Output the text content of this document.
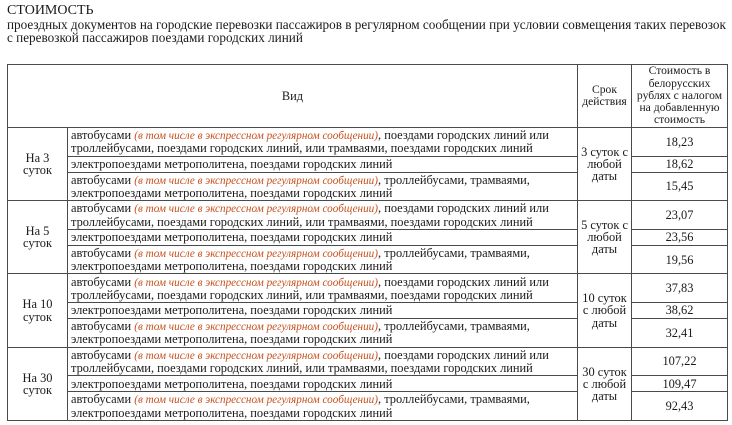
СТОИМОСТЬ
проездных документов на городские перевозки пассажиров в регулярном сообщении при условии совмещения таких перевозок с перевозкой пассажиров поездами городских линий
Вид		Срок действия	Стоимость в белорусских рублях с налогом на добавленную стоимость
На 3 суток	автобусами (в том числе в экспрессном регулярном сообщении), поездами городских линий или троллейбусами, поездами городских линий, или трамваями, поездами городских линий	3 суток с любой даты	18,23
	электропоездами метрополитена, поездами городских линий		18,62
	автобусами (в том числе в экспрессном регулярном сообщении), троллейбусами, трамваями, электропоездами метрополитена, поездами городских линий		15,45
На 5 суток	автобусами (в том числе в экспрессном регулярном сообщении), поездами городских линий или троллейбусами, поездами городских линий, или трамваями, поездами городских линий	5 суток с любой даты	23,07
	электропоездами метрополитена, поездами городских линий		23,56
	автобусами (в том числе в экспрессном регулярном сообщении), троллейбусами, трамваями, электропоездами метрополитена, поездами городских линий		19,56
На 10 суток	автобусами (в том числе в экспрессном регулярном сообщении), поездами городских линий или троллейбусами, поездами городских линий, или трамваями, поездами городских линий	10 суток с любой даты	37,83
	электропоездами метрополитена, поездами городских линий		38,62
	автобусами (в том числе в экспрессном регулярном сообщении), троллейбусами, трамваями, электропоездами метрополитена, поездами городских линий		32,41
На 30 суток	автобусами (в том числе в экспрессном регулярном сообщении), поездами городских линий или троллейбусами, поездами городских линий, или трамваями, поездами городских линий	30 суток с любой даты	107,22
	электропоездами метрополитена, поездами городских линий		109,47
	автобусами (в том числе в экспрессном регулярном сообщении), троллейбусами, трамваями, электропоездами метрополитена, поездами городских линий		92,43
